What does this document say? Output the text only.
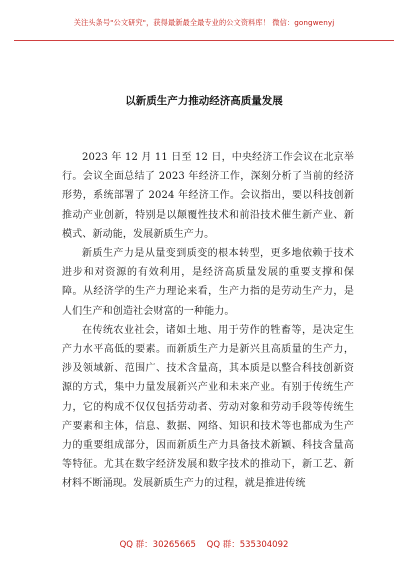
关注头条号"公文研究"，获得最新最全最专业的公文资料库！ 微信：gongwenyj
以新质生产力推动经济高质量发展

2023 年 12 月 11 日至 12 日，中央经济工作会议在北京举行。会议全面总结了 2023 年经济工作，深刻分析了当前的经济形势，系统部署了 2024 年经济工作。会议指出，要以科技创新推动产业创新，特别是以颠覆性技术和前沿技术催生新产业、新模式、新动能，发展新质生产力。

新质生产力是从量变到质变的根本转型，更多地依赖于技术进步和对资源的有效利用，是经济高质量发展的重要支撑和保障。从经济学的生产力理论来看，生产力指的是劳动生产力，是人们生产和创造社会财富的一种能力。

在传统农业社会，诸如土地、用于劳作的牲畜等，是决定生产力水平高低的要素。而新质生产力是新兴且高质量的生产力，涉及领域新、范围广、技术含量高，其本质是以整合科技创新资源的方式，集中力量发展新兴产业和未来产业。有别于传统生产力，它的构成不仅仅包括劳动者、劳动对象和劳动手段等传统生产要素和主体，信息、数据、网络、知识和技术等也都成为生产力的重要组成部分，因而新质生产力具备技术新颖、科技含量高等特征。尤其在数字经济发展和数字技术的推动下，新工艺、新材料不断涌现。发展新质生产力的过程，就是推进传统

QQ 群：30265665 QQ 群：535304092
